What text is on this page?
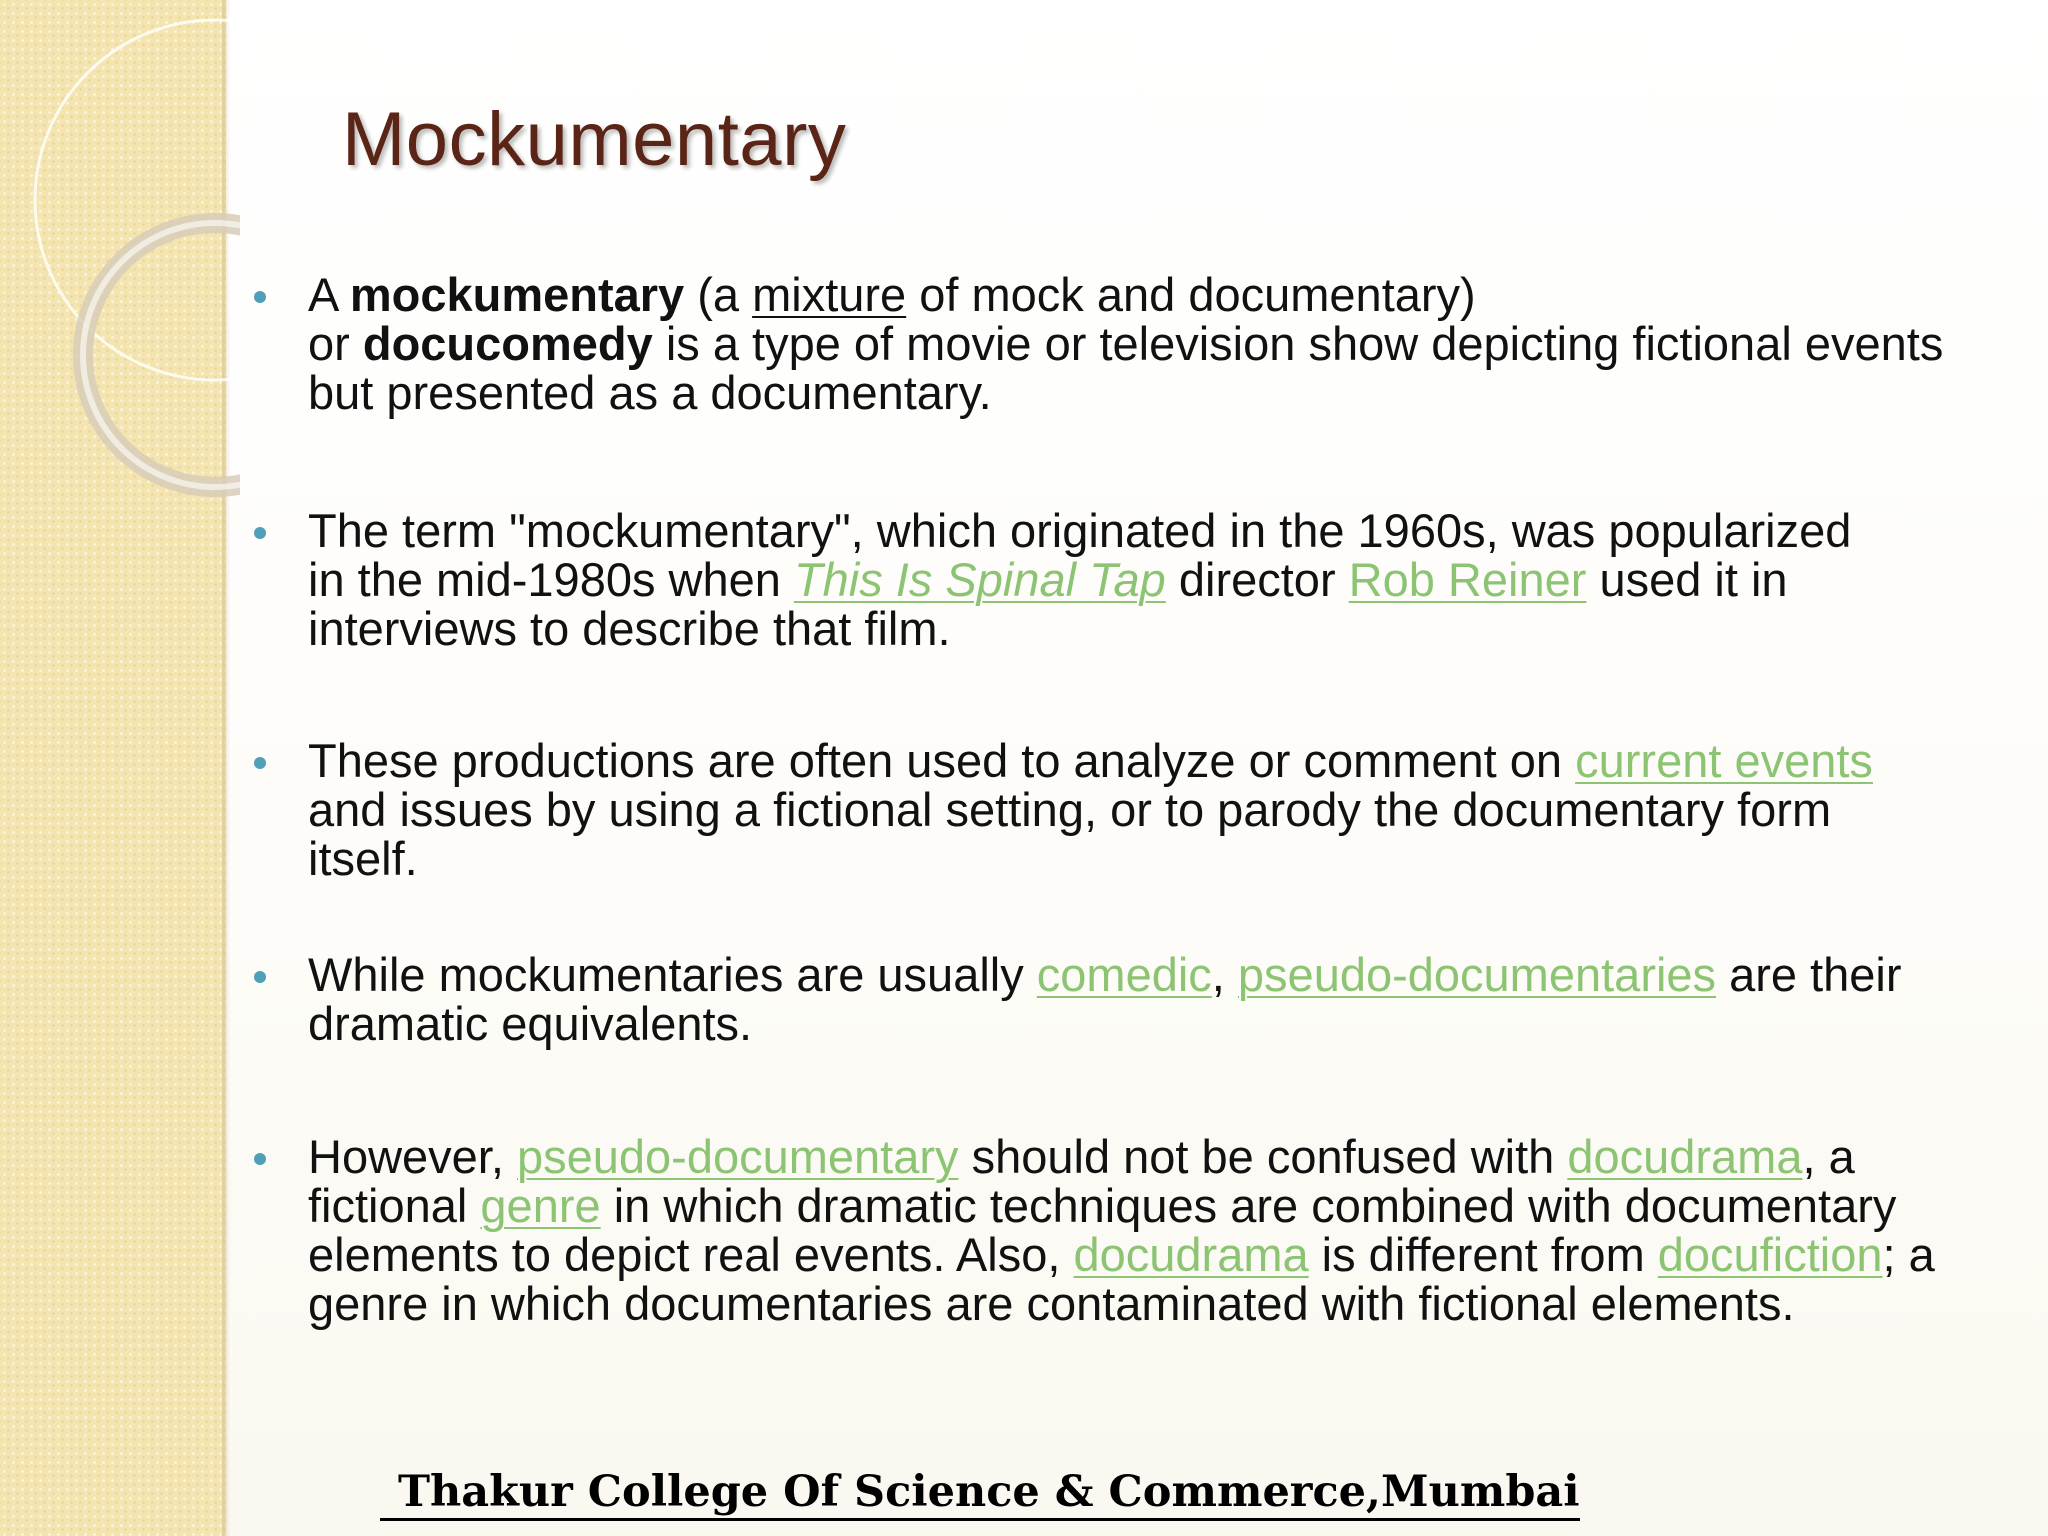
Mockumentary
A mockumentary (a mixture of mock and documentary)
or docucomedy is a type of movie or television show depicting fictional events but presented as a documentary.
The term "mockumentary", which originated in the 1960s, was popularized in the mid-1980s when This Is Spinal Tap director Rob Reiner used it in interviews to describe that film.
These productions are often used to analyze or comment on current events and issues by using a fictional setting, or to parody the documentary form itself.
While mockumentaries are usually comedic, pseudo-documentaries are their dramatic equivalents.
However, pseudo-documentary should not be confused with docudrama, a fictional genre in which dramatic techniques are combined with documentary elements to depict real events. Also, docudrama is different from docufiction; a genre in which documentaries are contaminated with fictional elements.
Thakur College Of Science & Commerce,Mumbai
